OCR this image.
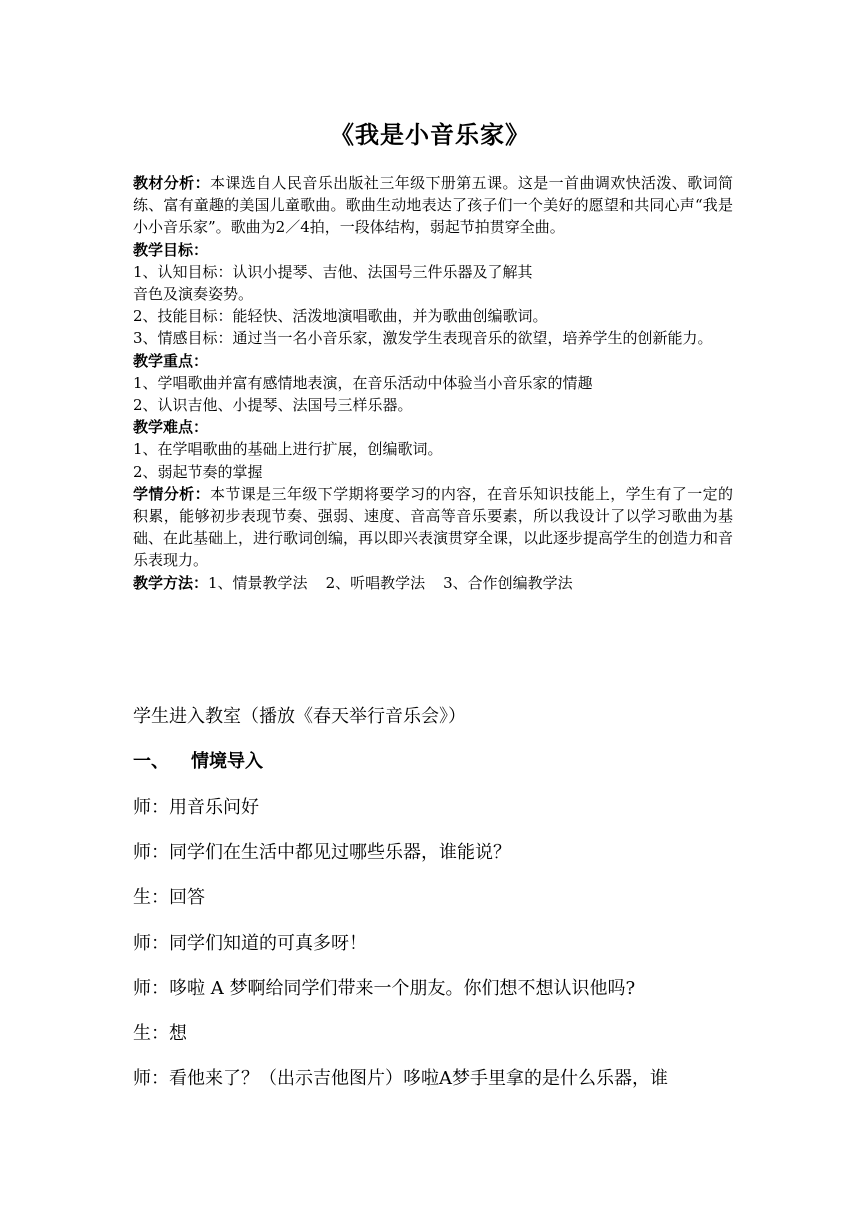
《我是小音乐家》

教材分析：本课选自人民音乐出版社三年级下册第五课。这是一首曲调欢快活泼、歌词简练、富有童趣的美国儿童歌曲。歌曲生动地表达了孩子们一个美好的愿望和共同心声“我是小小音乐家”。歌曲为2／4拍，一段体结构，弱起节拍贯穿全曲。

教学目标：

1、认知目标：认识小提琴、吉他、法国号三件乐器及了解其

音色及演奏姿势。

2、技能目标：能轻快、活泼地演唱歌曲，并为歌曲创编歌词。

3、情感目标：通过当一名小音乐家，激发学生表现音乐的欲望，培养学生的创新能力。

教学重点：

1、学唱歌曲并富有感情地表演，在音乐活动中体验当小音乐家的情趣

2、认识吉他、小提琴、法国号三样乐器。

教学难点：

1、在学唱歌曲的基础上进行扩展，创编歌词。

2、弱起节奏的掌握

学情分析：本节课是三年级下学期将要学习的内容，在音乐知识技能上，学生有了一定的积累，能够初步表现节奏、强弱、速度、音高等音乐要素，所以我设计了以学习歌曲为基础、在此基础上，进行歌词创编，再以即兴表演贯穿全课，以此逐步提高学生的创造力和音乐表现力。

教学方法：1、情景教学法 2、听唱教学法 3、合作创编教学法

学生进入教室（播放《春天举行音乐会》）

一、 情境导入

师：用音乐问好

师：同学们在生活中都见过哪些乐器，谁能说？

生：回答

师：同学们知道的可真多呀！

师：哆啦 A 梦啊给同学们带来一个朋友。你们想不想认识他吗?

生：想

师：看他来了？（出示吉他图片）哆啦A梦手里拿的是什么乐器，谁
